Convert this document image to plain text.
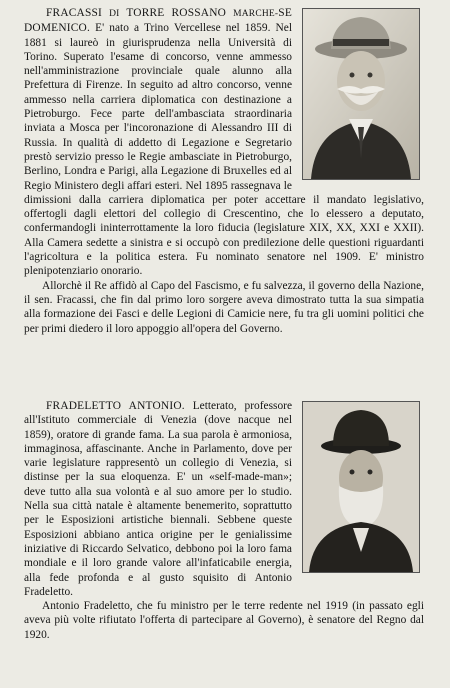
FRACASSI DI TORRE ROSSANO MARCHE-SE DOMENICO. E' nato a Trino Vercellese nel 1859. Nel 1881 si laureò in giurisprudenza nella Università di Torino. Superato l'esame di concorso, venne ammesso nell'amministrazione provinciale quale alunno alla Prefettura di Firenze. In seguito ad altro concorso, venne ammesso nella carriera diplomatica con destinazione a Pietroburgo. Fece parte dell'ambasciata straordinaria inviata a Mosca per l'incoronazione di Alessandro III di Russia. In qualità di addetto di Legazione e Segretario prestò servizio presso le Regie ambasciate in Pietroburgo, Berlino, Londra e Parigi, alla Legazione di Bruxelles ed al Regio Ministero degli affari esteri. Nel 1895 rassegnava le dimissioni dalla carriera diplomatica per poter accettare il mandato legislativo, offertogli dagli elettori del collegio di Crescentino, che lo elessero a deputato, confermandogli ininterrottamente la loro fiducia (legislature XIX, XX, XXI e XXII). Alla Camera sedette a sinistra e si occupò con predilezione delle questioni riguardanti l'agricoltura e la politica estera. Fu nominato senatore nel 1909. E' ministro plenipotenziario onorario.

Allorchè il Re affidò al Capo del Fascismo, e fu salvezza, il governo della Nazione, il sen. Fracassi, che fin dal primo loro sorgere aveva dimostrato tutta la sua simpatia alla formazione dei Fasci e delle Legioni di Camicie nere, fu tra gli uomini politici che per primi diedero il loro appoggio all'opera del Governo.

FRADELETTO ANTONIO. Letterato, professore all'Istituto commerciale di Venezia (dove nacque nel 1859), oratore di grande fama. La sua parola è armoniosa, immaginosa, affascinante. Anche in Parlamento, dove per varie legislature rappresentò un collegio di Venezia, si distinse per la sua eloquenza. E' un «self-made-man»; deve tutto alla sua volontà e al suo amore per lo studio. Nella sua città natale è altamente benemerito, soprattutto per le Esposizioni artistiche biennali. Sebbene queste Esposizioni abbiano antica origine per le genialissime iniziative di Riccardo Selvatico, debbono poi la loro fama mondiale e il loro grande valore all'infaticabile energia, alla fede profonda e al gusto squisito di Antonio Fradeletto.

Antonio Fradeletto, che fu ministro per le terre redente nel 1919 (in passato egli aveva più volte rifiutato l'offerta di partecipare al Governo), è senatore del Regno dal 1920.
